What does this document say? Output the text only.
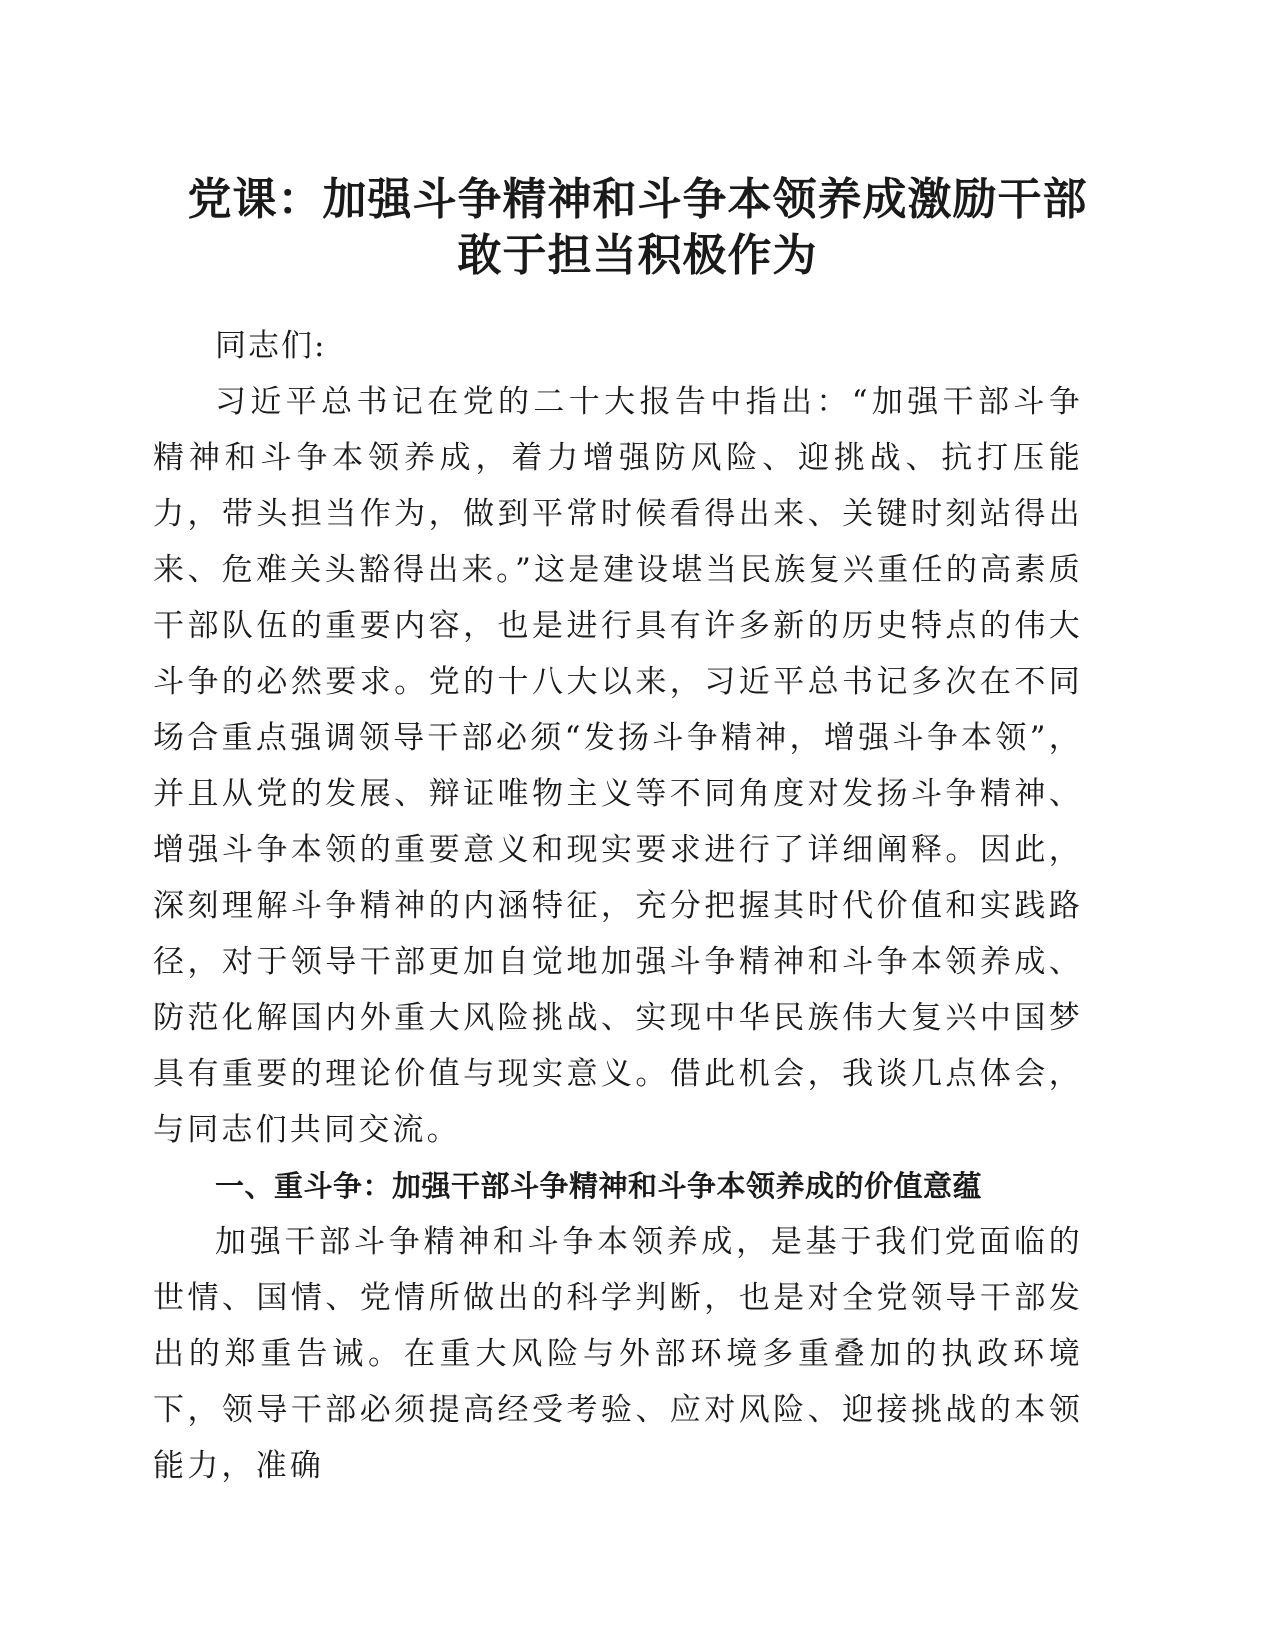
党课：加强斗争精神和斗争本领养成激励干部
敢于担当积极作为

同志们:

习近平总书记在党的二十大报告中指出：“加强干部斗争精神和斗争本领养成，着力增强防风险、迎挑战、抗打压能力，带头担当作为，做到平常时候看得出来、关键时刻站得出来、危难关头豁得出来。”这是建设堪当民族复兴重任的高素质干部队伍的重要内容，也是进行具有许多新的历史特点的伟大斗争的必然要求。党的十八大以来，习近平总书记多次在不同场合重点强调领导干部必须“发扬斗争精神，增强斗争本领”，并且从党的发展、辩证唯物主义等不同角度对发扬斗争精神、增强斗争本领的重要意义和现实要求进行了详细阐释。因此，深刻理解斗争精神的内涵特征，充分把握其时代价值和实践路径，对于领导干部更加自觉地加强斗争精神和斗争本领养成、防范化解国内外重大风险挑战、实现中华民族伟大复兴中国梦具有重要的理论价值与现实意义。借此机会，我谈几点体会，与同志们共同交流。

一、重斗争：加强干部斗争精神和斗争本领养成的价值意蕴

加强干部斗争精神和斗争本领养成，是基于我们党面临的世情、国情、党情所做出的科学判断，也是对全党领导干部发出的郑重告诫。在重大风险与外部环境多重叠加的执政环境下，领导干部必须提高经受考验、应对风险、迎接挑战的本领能力，准确
